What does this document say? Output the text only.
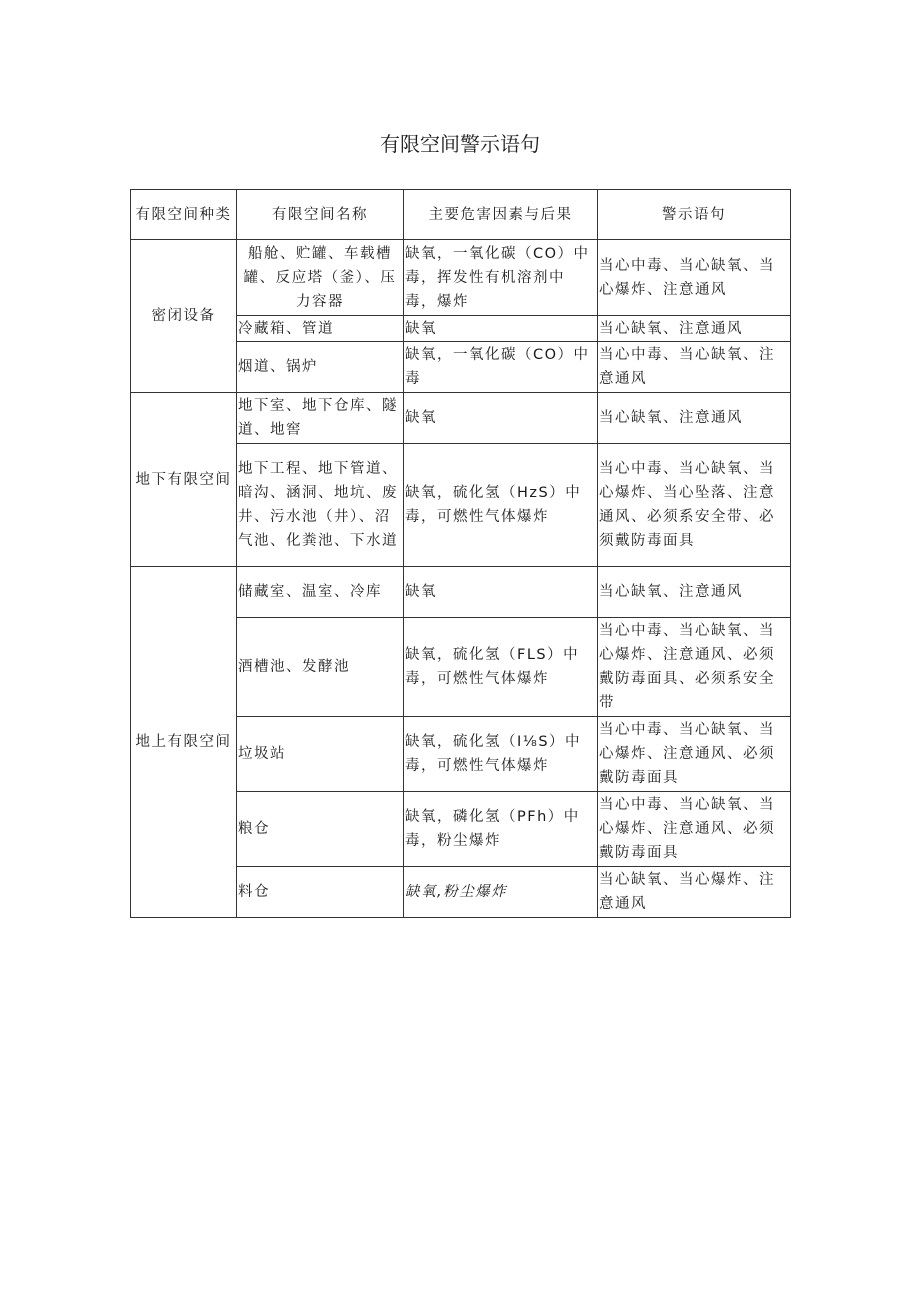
有限空间警示语句
有限空间种类	有限空间名称	主要危害因素与后果	警示语句
密闭设备	船舱、贮罐、车载槽罐、反应塔（釜）、压力容器	缺氧，一氧化碳（CO）中毒，挥发性有机溶剂中毒，爆炸	当心中毒、当心缺氧、当心爆炸、注意通风
	冷藏箱、管道	缺氧	当心缺氧、注意通风
	烟道、锅炉	缺氧，一氧化碳（CO）中毒	当心中毒、当心缺氧、注意通风
地下有限空间	地下室、地下仓库、隧道、地窖	缺氧	当心缺氧、注意通风
	地下工程、地下管道、暗沟、涵洞、地坑、废井、污水池（井）、沼气池、化粪池、下水道	缺氧，硫化氢（HzS）中毒，可燃性气体爆炸	当心中毒、当心缺氧、当心爆炸、当心坠落、注意通风、必须系安全带、必须戴防毒面具
地上有限空间	储藏室、温室、冷库	缺氧	当心缺氧、注意通风
	酒槽池、发酵池	缺氧，硫化氢（FLS）中毒，可燃性气体爆炸	当心中毒、当心缺氧、当心爆炸、注意通风、必须戴防毒面具、必须系安全带
	垃圾站	缺氧，硫化氢（I⅛S）中毒，可燃性气体爆炸	当心中毒、当心缺氧、当心爆炸、注意通风、必须戴防毒面具
	粮仓	缺氧，磷化氢（PFh）中毒，粉尘爆炸	当心中毒、当心缺氧、当心爆炸、注意通风、必须戴防毒面具
	料仓	缺氧,粉尘爆炸	当心缺氧、当心爆炸、注意通风
